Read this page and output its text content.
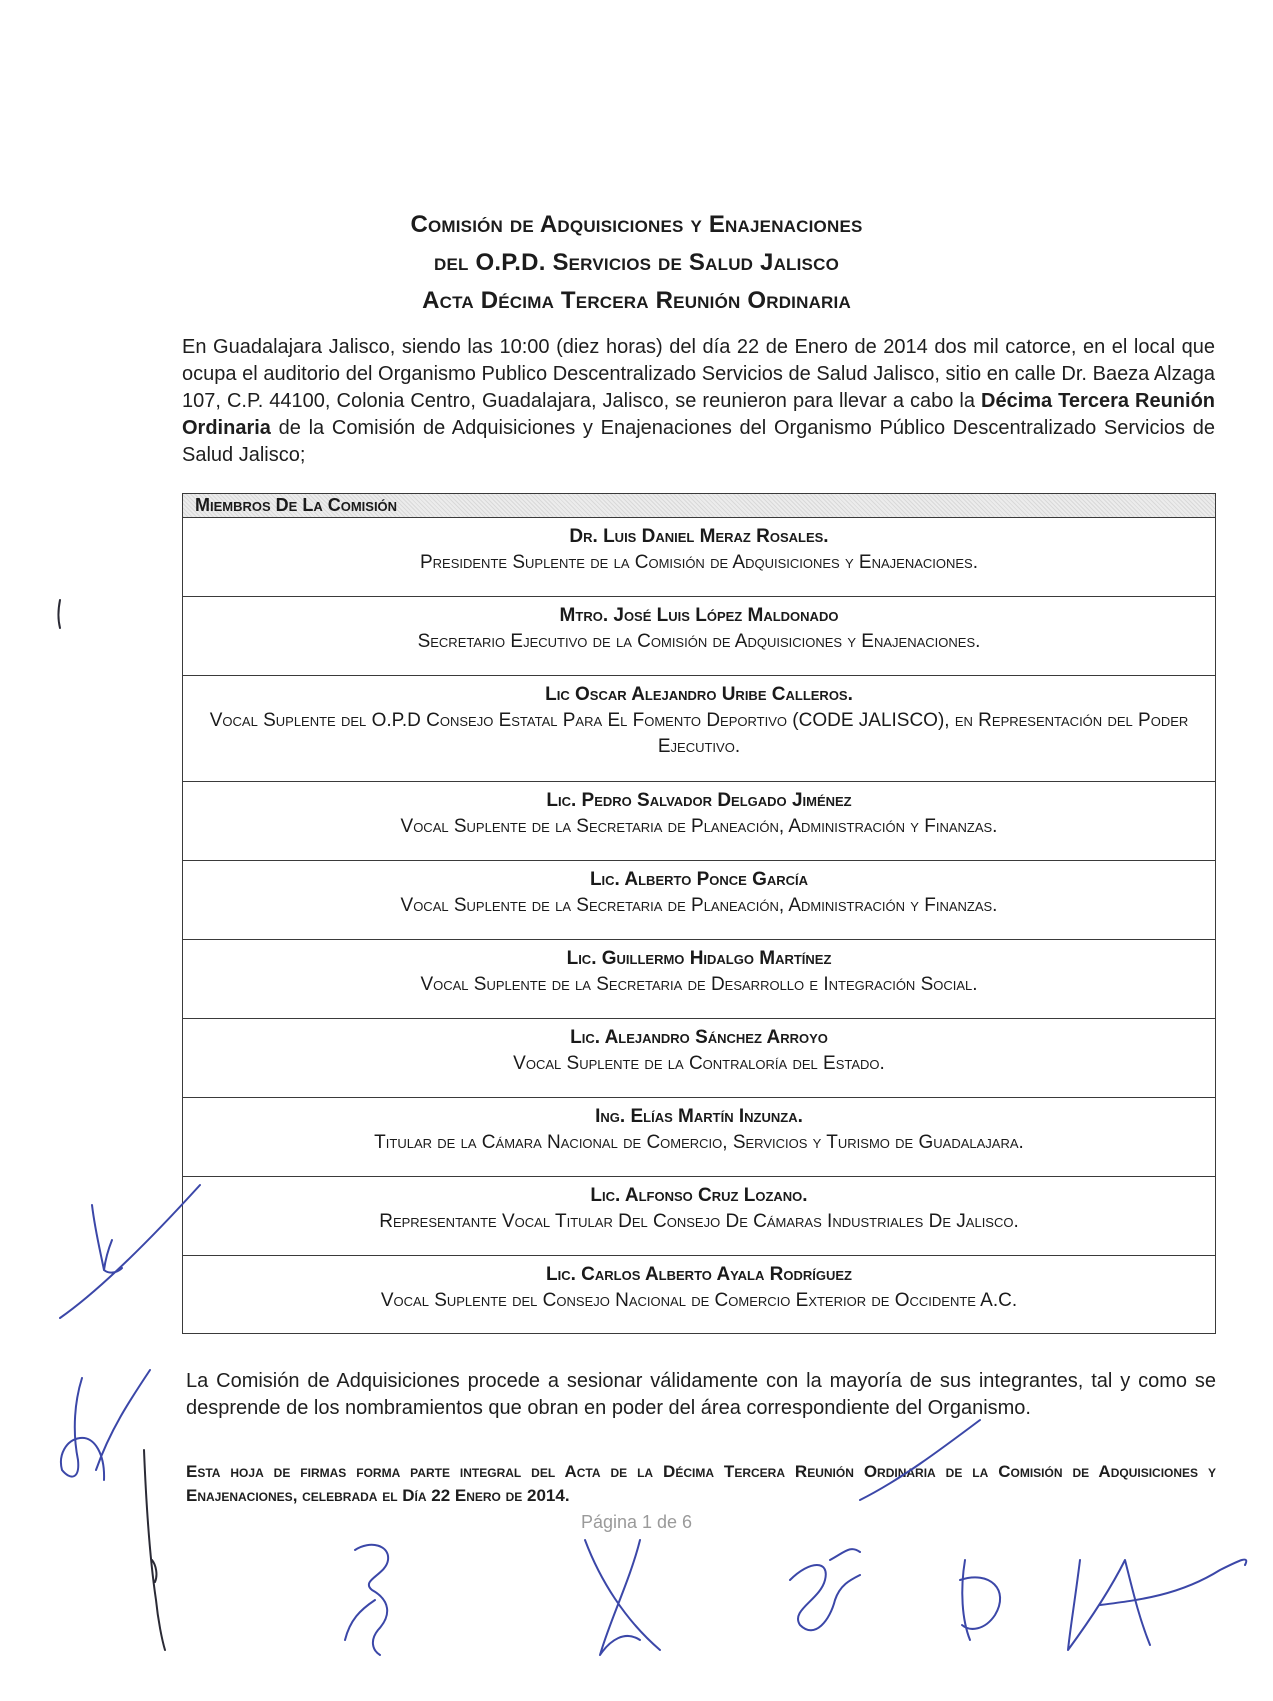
Comisión de Adquisiciones y Enajenaciones
del O.P.D. Servicios de Salud Jalisco
Acta Décima Tercera Reunión Ordinaria
En Guadalajara Jalisco, siendo las 10:00 (diez horas) del día 22 de Enero de 2014 dos mil catorce, en el local que ocupa el auditorio del Organismo Publico Descentralizado Servicios de Salud Jalisco, sitio en calle Dr. Baeza Alzaga 107, C.P. 44100, Colonia Centro, Guadalajara, Jalisco, se reunieron para llevar a cabo la Décima Tercera Reunión Ordinaria de la Comisión de Adquisiciones y Enajenaciones del Organismo Público Descentralizado Servicios de Salud Jalisco;
Miembros De La Comisión
Dr. Luis Daniel Meraz Rosales.
Presidente Suplente de la Comisión de Adquisiciones y Enajenaciones.
Mtro. José Luis López Maldonado
Secretario Ejecutivo de la Comisión de Adquisiciones y Enajenaciones.
Lic Oscar Alejandro Uribe Calleros.
Vocal Suplente del O.P.D Consejo Estatal Para El Fomento Deportivo (CODE JALISCO), en Representación del Poder Ejecutivo.
Lic. Pedro Salvador Delgado Jiménez
Vocal Suplente de la Secretaria de Planeación, Administración y Finanzas.
Lic. Alberto Ponce García
Vocal Suplente de la Secretaria de Planeación, Administración y Finanzas.
Lic. Guillermo Hidalgo Martínez
Vocal Suplente de la Secretaria de Desarrollo e Integración Social.
Lic. Alejandro Sánchez Arroyo
Vocal Suplente de la Contraloría del Estado.
Ing. Elías Martín Inzunza.
Titular de la Cámara Nacional de Comercio, Servicios y Turismo de Guadalajara.
Lic. Alfonso Cruz Lozano.
Representante Vocal Titular Del Consejo De Cámaras Industriales De Jalisco.
Lic. Carlos Alberto Ayala Rodríguez
Vocal Suplente del Consejo Nacional de Comercio Exterior de Occidente A.C.
La Comisión de Adquisiciones procede a sesionar válidamente con la mayoría de sus integrantes, tal y como se desprende de los nombramientos que obran en poder del área correspondiente del Organismo.
Esta hoja de firmas forma parte integral del Acta de la Décima Tercera Reunión Ordinaria de la Comisión de Adquisiciones y Enajenaciones, celebrada el Día 22 Enero de 2014.
Página 1 de 6
